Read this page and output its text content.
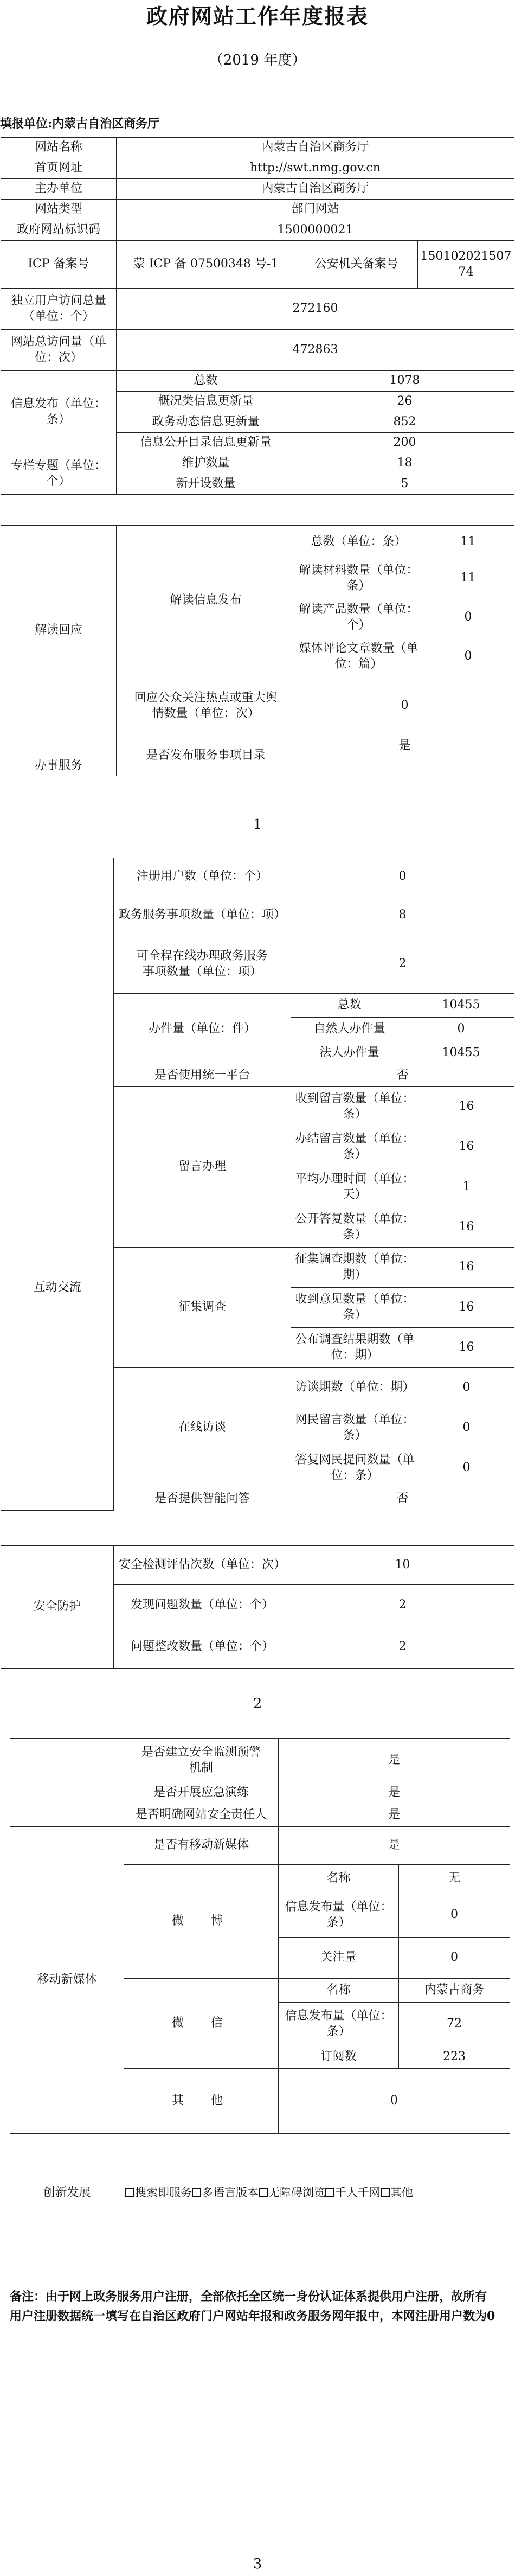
政府网站工作年度报表
（2019 年度）
填报单位:内蒙古自治区商务厅
网站名称	内蒙古自治区商务厅		
首页网址	http://swt.nmg.gov.cn		
主办单位	内蒙古自治区商务厅		
网站类型	部门网站		
政府网站标识码	1500000021		
ICP 备案号	蒙 ICP 备 07500348 号-1	公安机关备案号	15010202150774
独立用户访问总量（单位：个）	272160		
网站总访问量（单位：次）	472863		
信息发布（单位：条）	总数	1078	
	概况类信息更新量	26	
	政务动态信息更新量	852	
	信息公开目录信息更新量	200	
专栏专题（单位：个）	维护数量	18	
	新开设数量	5	

解读回应	解读信息发布	总数（单位：条）	11
		解读材料数量（单位：条）	11
		解读产品数量（单位：个）	0
		媒体评论文章数量（单位：篇）	0
	回应公众关注热点或重大舆情数量（单位：次）	0	
办事服务	是否发布服务事项目录	是	
1
	注册用户数（单位：个）	0	
	政务服务事项数量（单位：项）	8	
	可全程在线办理政务服务事项数量（单位：项）	2	
	办件量（单位：件）	总数	10455
		自然人办件量	0
		法人办件量	10455
互动交流	是否使用统一平台	否	
	留言办理	收到留言数量（单位：条）	16
		办结留言数量（单位：条）	16
		平均办理时间（单位：天）	1
		公开答复数量（单位：条）	16
	征集调查	征集调查期数（单位：期）	16
		收到意见数量（单位：条）	16
		公布调查结果期数（单位：期）	16
	在线访谈	访谈期数（单位：期）	0
		网民留言数量（单位：条）	0
		答复网民提问数量（单位：条）	0
	是否提供智能问答	否	

安全防护	安全检测评估次数（单位：次）	10
	发现问题数量（单位：个）	2
	问题整改数量（单位：个）	2
2
	是否建立安全监测预警机制	是	
	是否开展应急演练	是	
	是否明确网站安全责任人	是	
移动新媒体	是否有移动新媒体	是	
	微　博	名称	无
		信息发布量（单位：条）	0
		关注量	0
	微　信	名称	内蒙古商务
		信息发布量（单位：条）	72
		订阅数	223
	其　他	0	
创新发展	搜索即服务 多语言版本 无障碍浏览 千人千网 其他		
备注：由于网上政务服务用户注册，全部依托全区统一身份认证体系提供用户注册，故所有用户注册数据统一填写在自治区政府门户网站年报和政务服务网年报中，本网注册用户数为0
3
